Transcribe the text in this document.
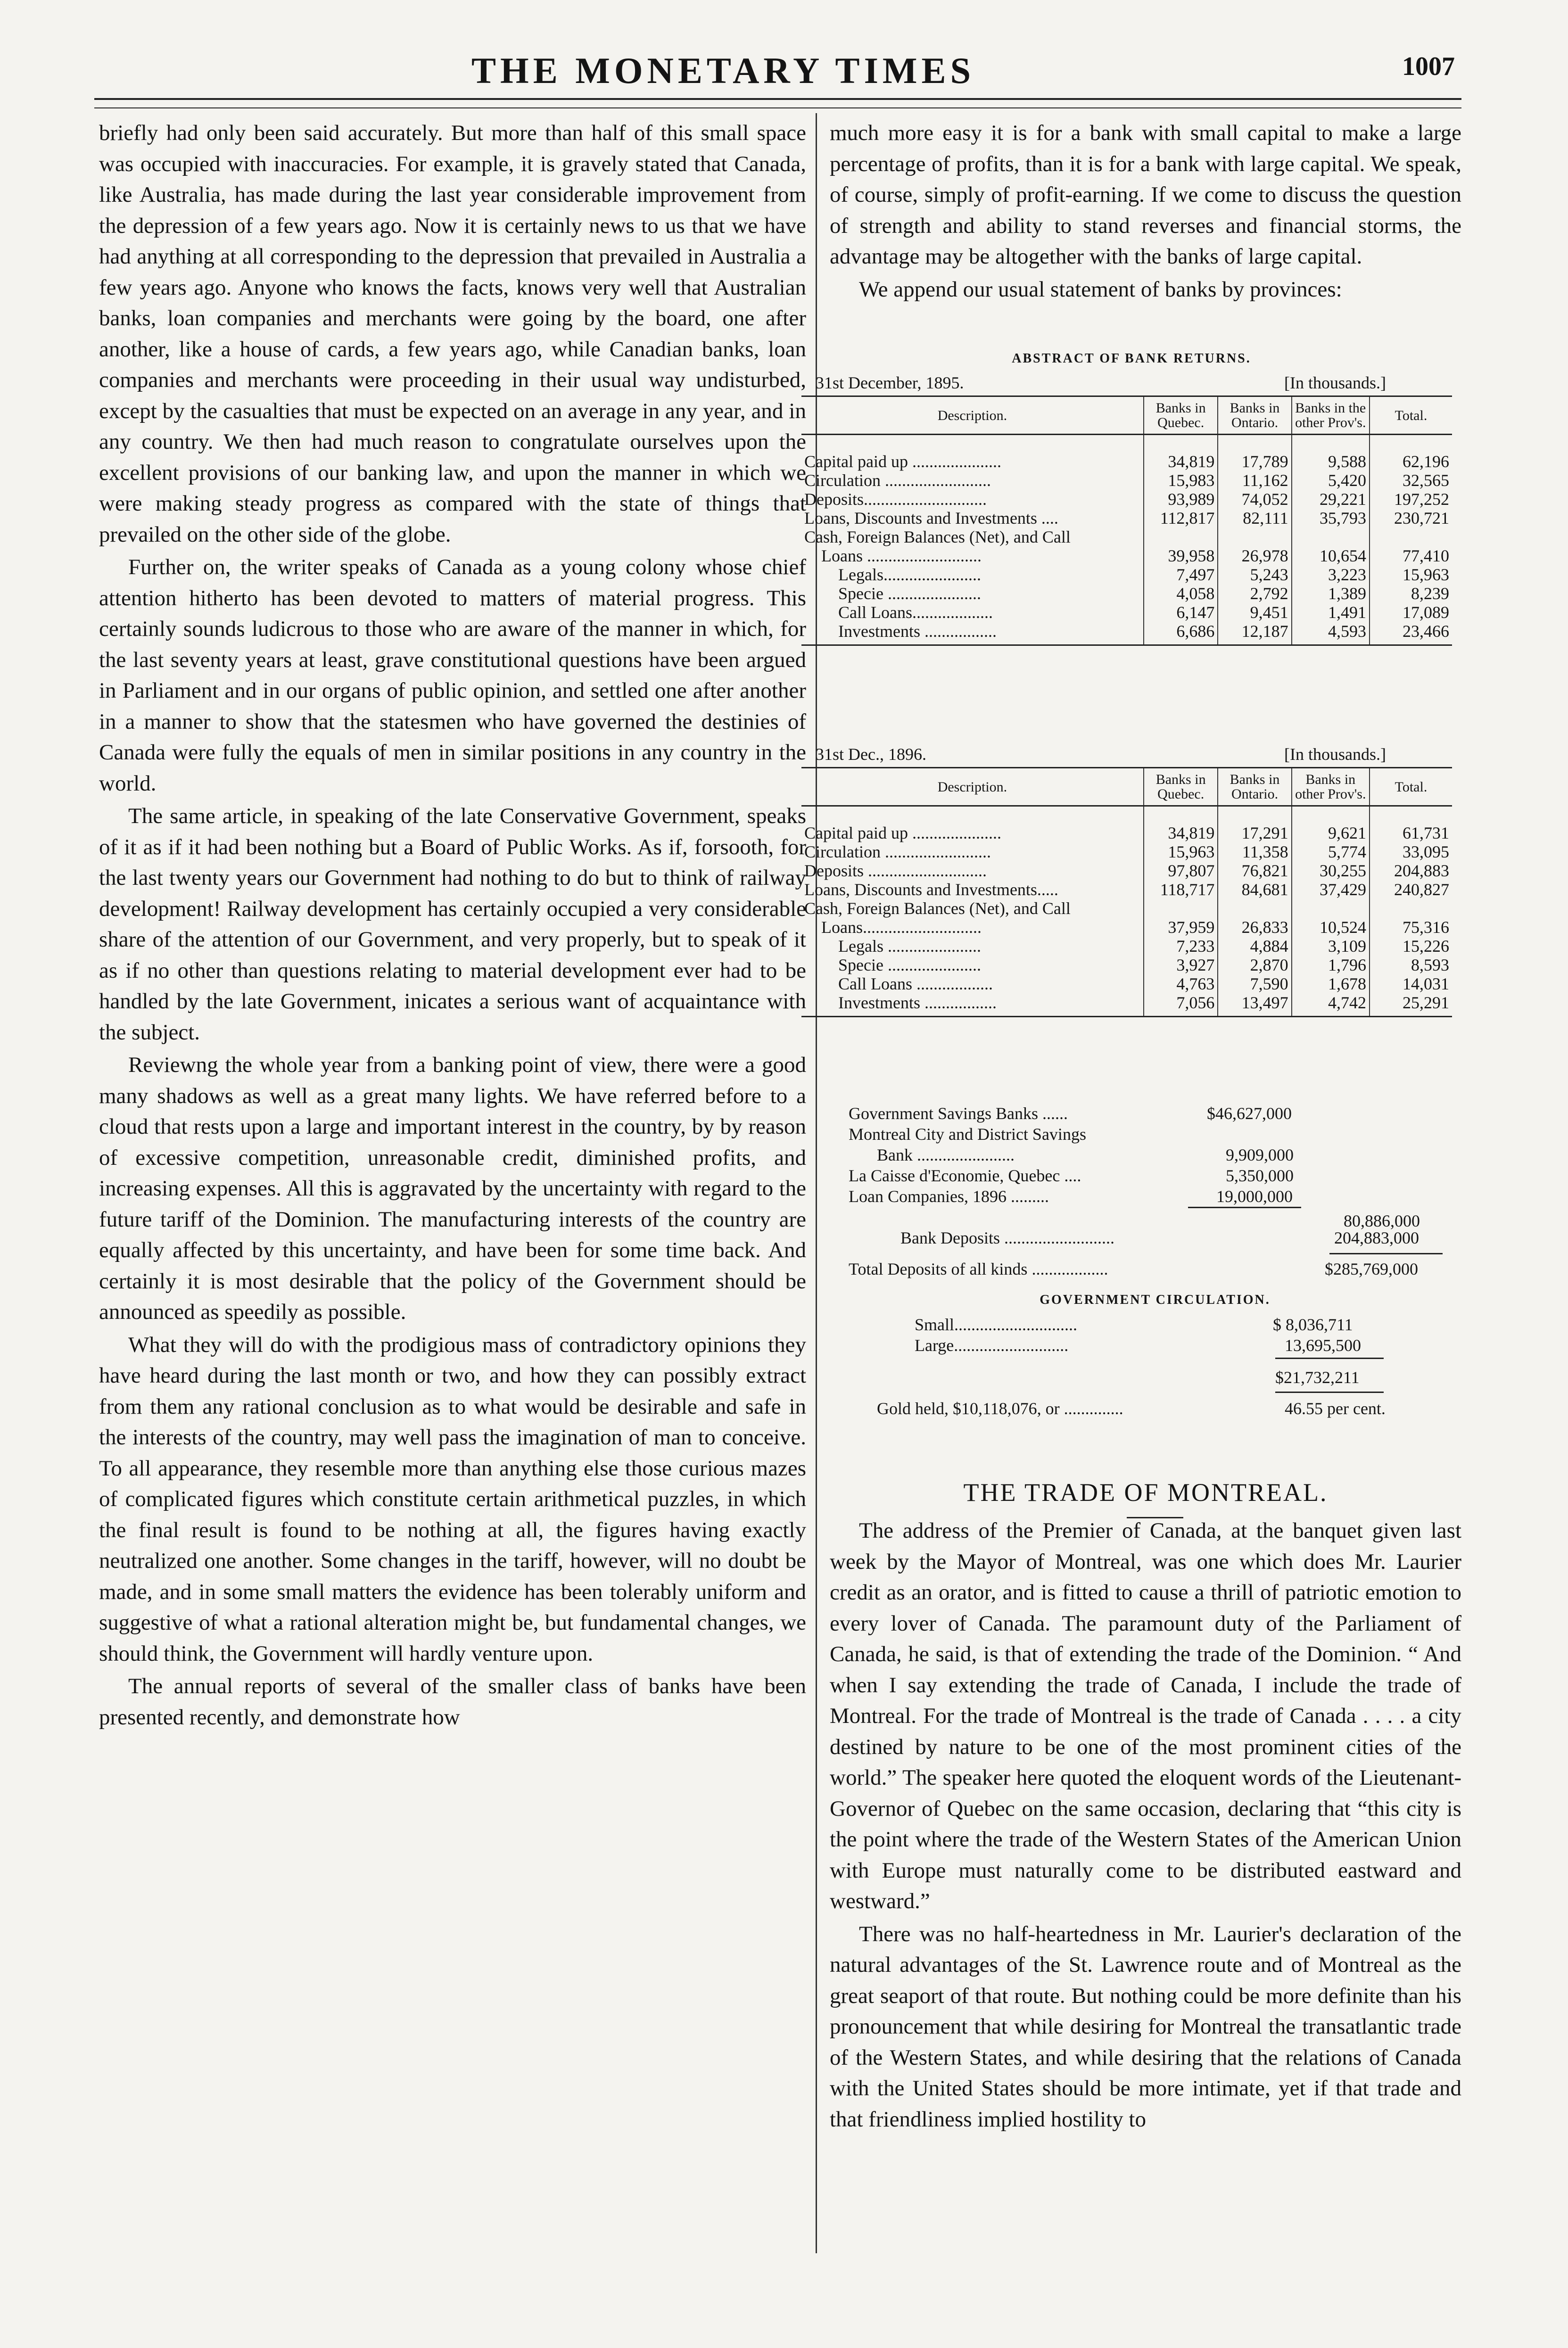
THE MONETARY TIMES	1007

briefly had only been said accurately. But more than half of this small space was occupied with inaccuracies. For example, it is gravely stated that Canada, like Australia, has made during the last year considerable improvement from the depression of a few years ago. Now it is certainly news to us that we have had anything at all corresponding to the depression that prevailed in Australia a few years ago. Anyone who knows the facts, knows very well that Australian banks, loan companies and merchants were going by the board, one after another, like a house of cards, a few years ago, while Canadian banks, loan companies and merchants were proceeding in their usual way undisturbed, except by the casualties that must be expected on an average in any year, and in any country. We then had much reason to congratulate ourselves upon the excellent provisions of our banking law, and upon the manner in which we were making steady progress as compared with the state of things that prevailed on the other side of the globe.

Further on, the writer speaks of Canada as a young colony whose chief attention hitherto has been devoted to matters of material progress. This certainly sounds ludicrous to those who are aware of the manner in which, for the last seventy years at least, grave constitutional questions have been argued in Parliament and in our organs of public opinion, and settled one after another in a manner to show that the statesmen who have governed the destinies of Canada were fully the equals of men in similar positions in any country in the world.

The same article, in speaking of the late Conservative Government, speaks of it as if it had been nothing but a Board of Public Works. As if, forsooth, for the last twenty years our Government had nothing to do but to think of railway development! Railway development has certainly occupied a very considerable share of the attention of our Government, and very properly, but to speak of it as if no other than questions relating to material development ever had to be handled by the late Government, inicates a serious want of acquaintance with the subject.

Reviewng the whole year from a banking point of view, there were a good many shadows as well as a great many lights. We have referred before to a cloud that rests upon a large and important interest in the country, by by reason of excessive competition, unreasonable credit, diminished profits, and increasing expenses. All this is aggravated by the uncertainty with regard to the future tariff of the Dominion. The manufacturing interests of the country are equally affected by this uncertainty, and have been for some time back. And certainly it is most desirable that the policy of the Government should be announced as speedily as possible.

What they will do with the prodigious mass of contradictory opinions they have heard during the last month or two, and how they can possibly extract from them any rational conclusion as to what would be desirable and safe in the interests of the country, may well pass the imagination of man to conceive. To all appearance, they resemble more than anything else those curious mazes of complicated figures which constitute certain arithmetical puzzles, in which the final result is found to be nothing at all, the figures having exactly neutralized one another. Some changes in the tariff, however, will no doubt be made, and in some small matters the evidence has been tolerably uniform and suggestive of what a rational alteration might be, but fundamental changes, we should think, the Government will hardly venture upon.

The annual reports of several of the smaller class of banks have been presented recently, and demonstrate how

much more easy it is for a bank with small capital to make a large percentage of profits, than it is for a bank with large capital. We speak, of course, simply of profit-earning. If we come to discuss the question of strength and ability to stand reverses and financial storms, the advantage may be altogether with the banks of large capital.

We append our usual statement of banks by provinces:

ABSTRACT OF BANK RETURNS.
31st December, 1895.	[In thousands.]
Description.	Banks in Quebec.	Banks in Ontario.	Banks in the other Prov's.	Total.
Capital paid up .....................	34,819	17,789	9,588	62,196
Circulation .........................	15,983	11,162	5,420	32,565
Deposits.............................	93,989	74,052	29,221	197,252
Loans, Discounts and Investments ....	112,817	82,111	35,793	230,721
Cash, Foreign Balances (Net), and Call				
Loans ...........................	39,958	26,978	10,654	77,410
Legals.......................	7,497	5,243	3,223	15,963
Specie ......................	4,058	2,792	1,389	8,239
Call Loans...................	6,147	9,451	1,491	17,089
Investments .................	6,686	12,187	4,593	23,466
31st Dec., 1896.	[In thousands.]
Description.	Banks in Quebec.	Banks in Ontario.	Banks in other Prov's.	Total.
Capital paid up .....................	34,819	17,291	9,621	61,731
Circulation .........................	15,963	11,358	5,774	33,095
Deposits ............................	97,807	76,821	30,255	204,883
Loans, Discounts and Investments.....	118,717	84,681	37,429	240,827
Cash, Foreign Balances (Net), and Call				
Loans............................	37,959	26,833	10,524	75,316
Legals ......................	7,233	4,884	3,109	15,226
Specie ......................	3,927	2,870	1,796	8,593
Call Loans ..................	4,763	7,590	1,678	14,031
Investments .................	7,056	13,497	4,742	25,291
Government Savings Banks ......	$46,627,000
Montreal City and District Savings
Bank .......................	9,909,000
La Caisse d'Economie, Quebec ....	5,350,000
Loan Companies, 1896 .........	19,000,000
80,886,000
Bank Deposits ..........................	204,883,000
Total Deposits of all kinds ..................	$285,769,000
GOVERNMENT CIRCULATION.
Small.............................	$ 8,036,711
Large...........................	13,695,500
$21,732,211
Gold held, $10,118,076, or ..............	46.55 per cent.
THE TRADE OF MONTREAL.

The address of the Premier of Canada, at the banquet given last week by the Mayor of Montreal, was one which does Mr. Laurier credit as an orator, and is fitted to cause a thrill of patriotic emotion to every lover of Canada. The paramount duty of the Parliament of Canada, he said, is that of extending the trade of the Dominion. “ And when I say extending the trade of Canada, I include the trade of Montreal. For the trade of Montreal is the trade of Canada . . . . a city destined by nature to be one of the most prominent cities of the world.” The speaker here quoted the eloquent words of the Lieutenant-Governor of Quebec on the same occasion, declaring that “this city is the point where the trade of the Western States of the American Union with Europe must naturally come to be distributed eastward and westward.”

There was no half-heartedness in Mr. Laurier's declaration of the natural advantages of the St. Lawrence route and of Montreal as the great seaport of that route. But nothing could be more definite than his pronouncement that while desiring for Montreal the transatlantic trade of the Western States, and while desiring that the relations of Canada with the United States should be more intimate, yet if that trade and that friendliness implied hostility to
